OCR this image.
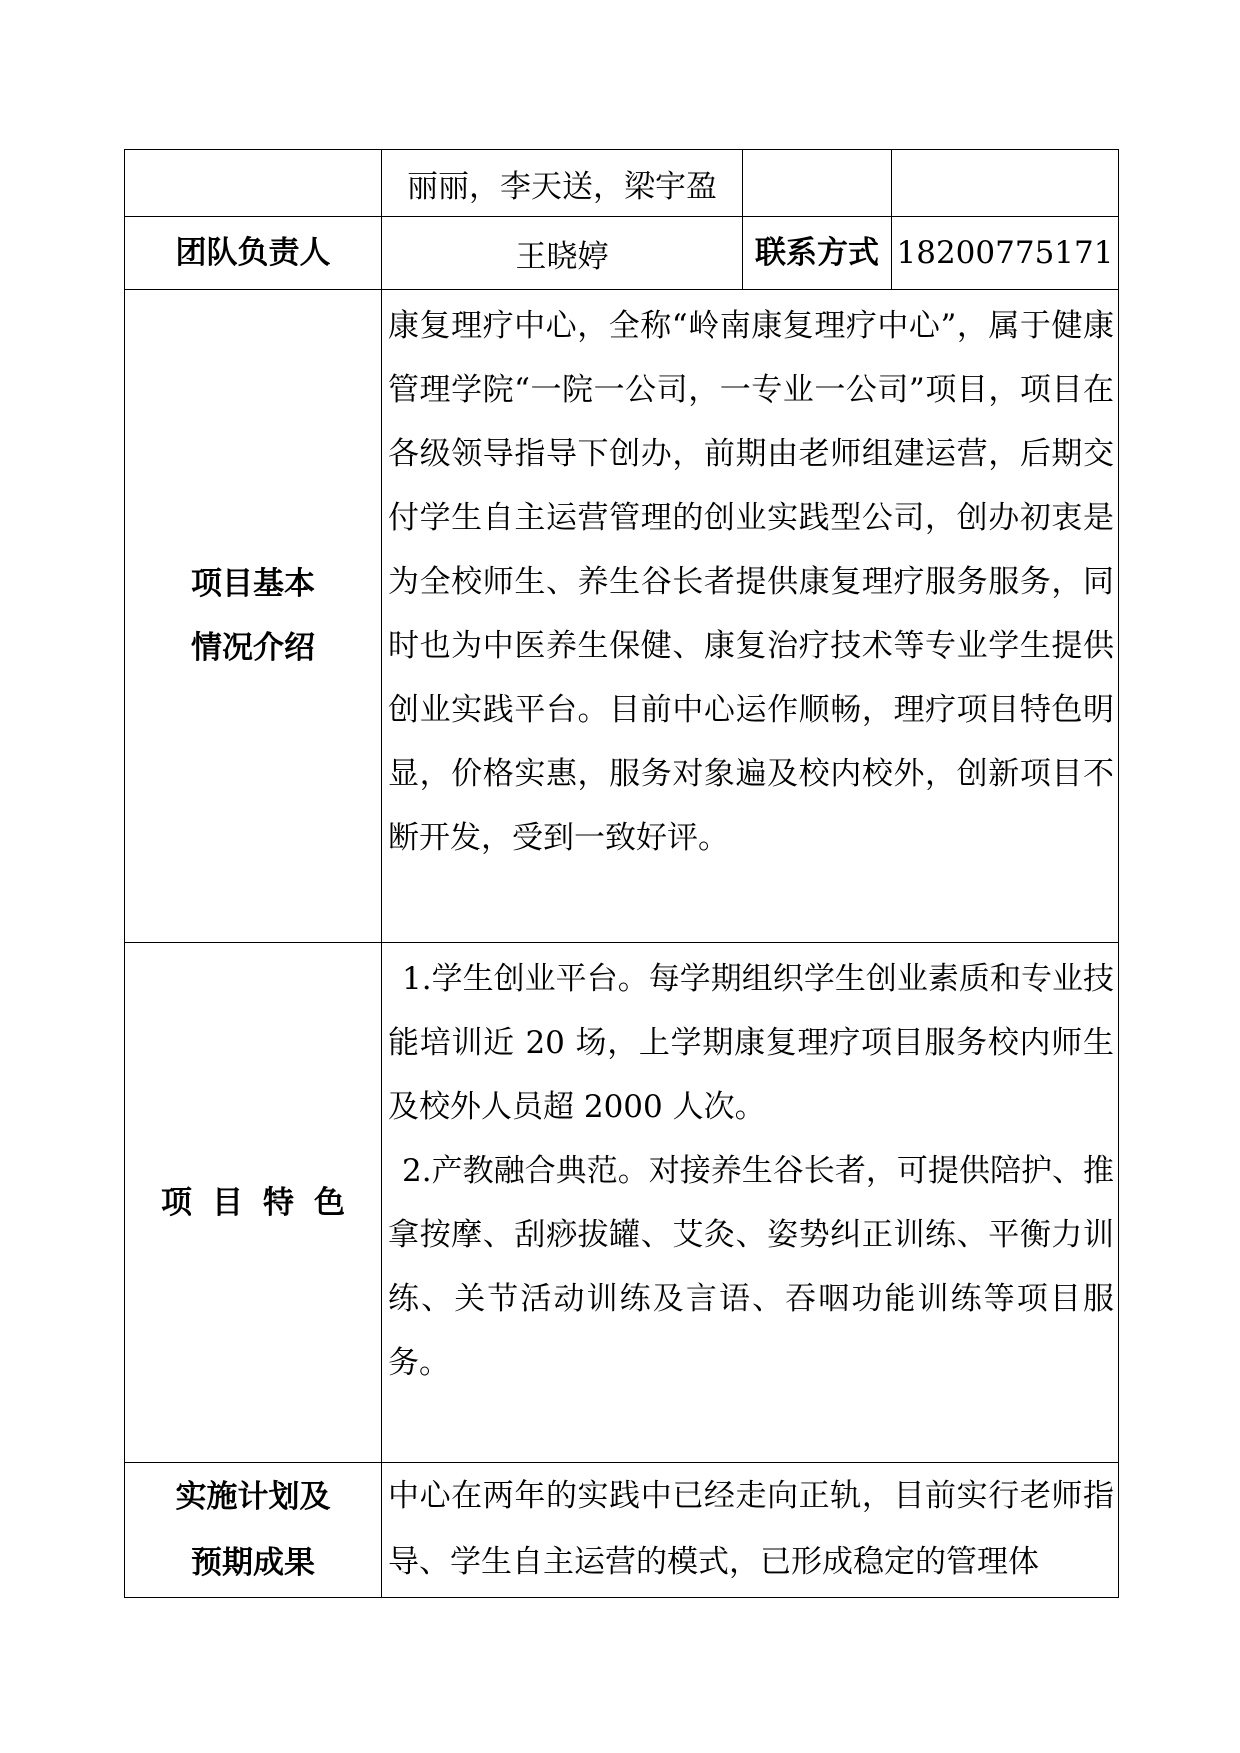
	丽丽，李天送，梁宇盈		
团队负责人	王晓婷	联系方式	18200775171

项目基本
情况介绍	康复理疗中心，全称“岭南康复理疗中心”，属于健康管理学院“一院一公司，一专业一公司”项目，项目在各级领导指导下创办，前期由老师组建运营，后期交付学生自主运营管理的创业实践型公司，创办初衷是为全校师生、养生谷长者提供康复理疗服务服务，同时也为中医养生保健、康复治疗技术等专业学生提供创业实践平台。目前中心运作顺畅，理疗项目特色明显，价格实惠，服务对象遍及校内校外，创新项目不断开发，受到一致好评。		

项目特色	1.学生创业平台。每学期组织学生创业素质和专业技能培训近 20 场，上学期康复理疗项目服务校内师生及校外人员超 2000 人次。

2.产教融合典范。对接养生谷长者，可提供陪护、推拿按摩、刮痧拔罐、艾灸、姿势纠正训练、平衡力训练、关节活动训练及言语、吞咽功能训练等项目服务。		

实施计划及
预期成果	中心在两年的实践中已经走向正轨，目前实行老师指导、学生自主运营的模式，已形成稳定的管理体		
